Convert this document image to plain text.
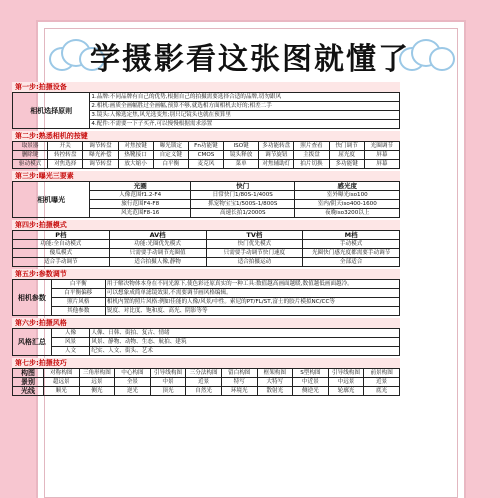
学摄影看这张图就懂了
第一步:拍摄设备
相机选择原则	1.品牌:不同品牌有自己的优势,根据自己的拍摄需要选择合适的品牌,切勿跟风
2.相机:画质全画幅胜过全画幅,预算不够,就选相方面相机去好的;相差二手
3.镜头:人像选定焦,风光选变焦;别只记镜头也就在预算里
4.配件:不需要一下子买齐,可以慢慢根据需求添置
第二步:熟悉相机的按键
取景器	开关	调节转盘	对焦按键	曝光锁定	Fn功能键	ISO键	多功能转盘	照片查看	快门调节	光圈调节
删除键	转控转盘	曝光补偿	热靴接口	自定义键	CMOS	镜头释放	调节旋钮	主拨盘	屈光度	屏幕
驱动模式	对焦选择	调节转盘	放大缩小	白平衡	麦克风	菜单	对焦辅助灯	拍片切换	多功能键	屏幕
第三步:曝光三要素
相机曝光	光圈	快门	感光度
	人像范围f1.2-F4	日常快门1/80S-1/400S	室外曝光iso100
	旅行范围F4-F8	抓宠物宝宝1/500S-1/800S	室内/阴天iso400-1600
	风光范围F8-16	高速长拍1/2000S	夜晚iso3200以上
第四步:拍摄模式
P档	AV档	TV档	M档
功能:全自动模式	功能:光圈优先模式	快门优先模式	手动模式
傻瓜模式	只需要手动调节光圈值	只需要手动调节快门速度	光圈快门感光度都需要手动调节
适合手动调节	适合拍摄人像,静物	适合拍摄运动	全部适合
第五步:参数调节
相机参数	白平衡	用于解决物体本身在不同光源下,使色彩还原真实的一种工具:数值越高画面越暖,数值越低画面越冷。
	白平衡偏移	可以想象成简单滤镜效果,不需要调节画风格编辑。
	照片风格	相机内置的照片风格:例如佳能的人像/风景/中性。索尼的PT/FL/ST,富士的胶片模拟NC/CC等
	其他参数	锐度、对比度、饱和度、高光、阴影等等
第六步:拍摄风格
风格汇总	人像	人像、日韩、街拍、复古、情绪
	风景	风景、静物、动物、生态、航拍、建筑
	人文	纪实、人文、街头、艺术
第七步:拍摄技巧
构图	对称构图	三角形构图	中心构图	引导线构图	三分法构图	留白构图	框架构图	S型构图	引导线构图	前景构图
景别	超远景	远景	全景	中景	近景	特写	大特写	中近景	中远景	近景
光线	顺光	侧光	逆光	顶光	自然光	环境光	散射光	侧逆光	轮廓光	底光
